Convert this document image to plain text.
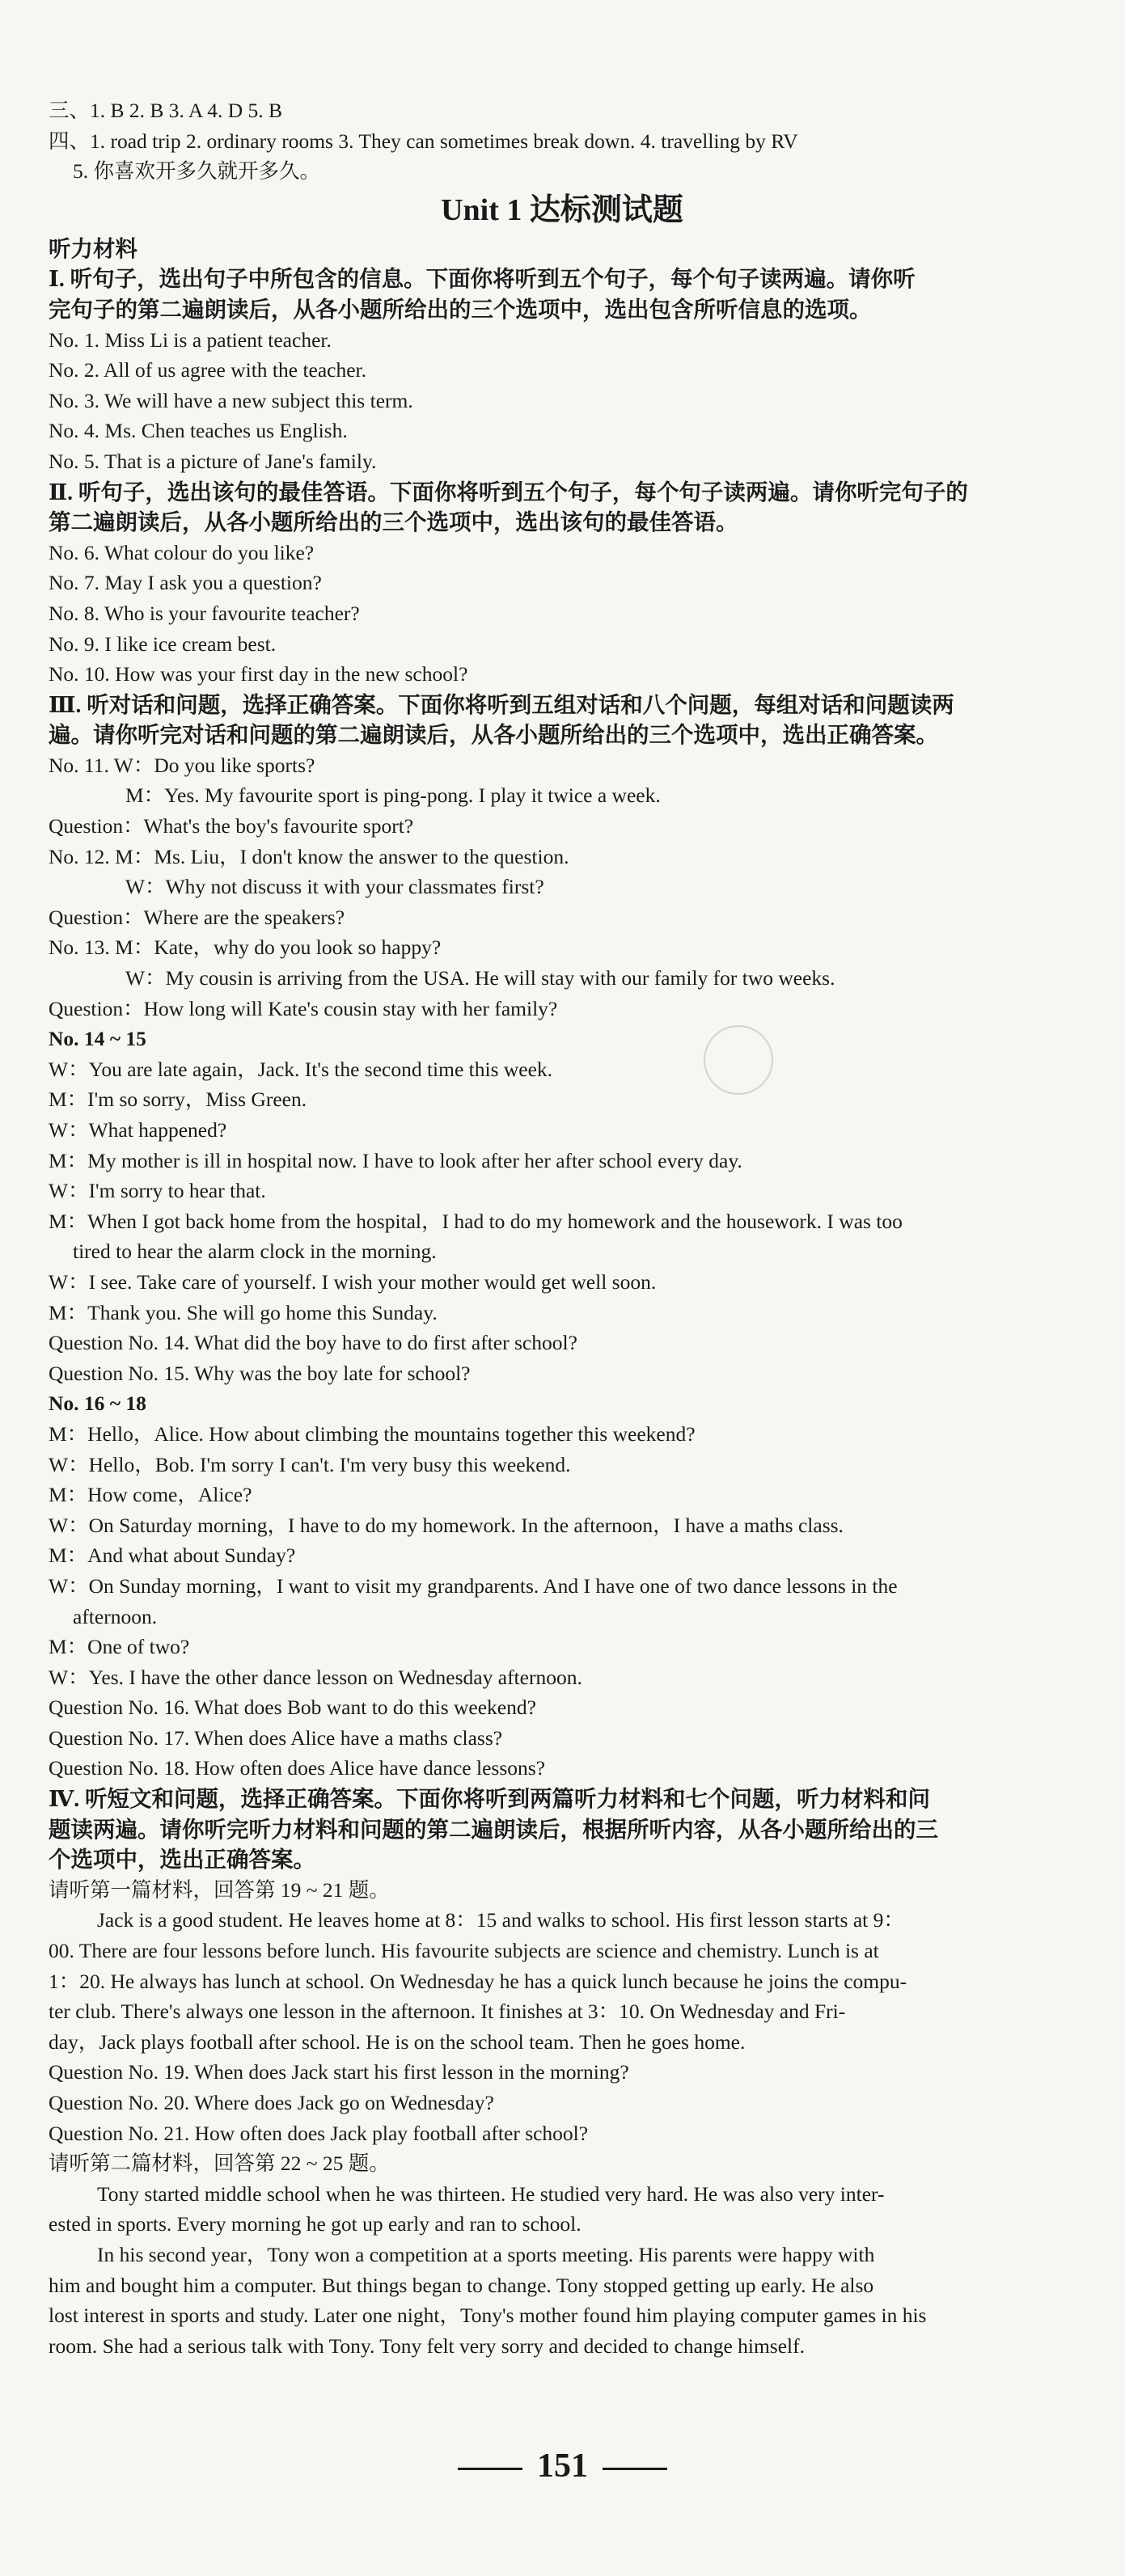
三、1. B 2. B 3. A 4. D 5. B
四、1. road trip 2. ordinary rooms 3. They can sometimes break down. 4. travelling by RV
5. 你喜欢开多久就开多久。
Unit 1 达标测试题
听力材料
Ⅰ. 听句子，选出句子中所包含的信息。下面你将听到五个句子，每个句子读两遍。请你听
完句子的第二遍朗读后，从各小题所给出的三个选项中，选出包含所听信息的选项。
No. 1. Miss Li is a patient teacher.
No. 2. All of us agree with the teacher.
No. 3. We will have a new subject this term.
No. 4. Ms. Chen teaches us English.
No. 5. That is a picture of Jane's family.
Ⅱ. 听句子，选出该句的最佳答语。下面你将听到五个句子，每个句子读两遍。请你听完句子的
第二遍朗读后，从各小题所给出的三个选项中，选出该句的最佳答语。
No. 6. What colour do you like?
No. 7. May I ask you a question?
No. 8. Who is your favourite teacher?
No. 9. I like ice cream best.
No. 10. How was your first day in the new school?
Ⅲ. 听对话和问题，选择正确答案。下面你将听到五组对话和八个问题，每组对话和问题读两
遍。请你听完对话和问题的第二遍朗读后，从各小题所给出的三个选项中，选出正确答案。
No. 11. W：Do you like sports?
M：Yes. My favourite sport is ping-pong. I play it twice a week.
Question：What's the boy's favourite sport?
No. 12. M：Ms. Liu，I don't know the answer to the question.
W：Why not discuss it with your classmates first?
Question：Where are the speakers?
No. 13. M：Kate，why do you look so happy?
W：My cousin is arriving from the USA. He will stay with our family for two weeks.
Question：How long will Kate's cousin stay with her family?
No. 14 ~ 15
W：You are late again，Jack. It's the second time this week.
M：I'm so sorry，Miss Green.
W：What happened?
M：My mother is ill in hospital now. I have to look after her after school every day.
W：I'm sorry to hear that.
M：When I got back home from the hospital，I had to do my homework and the housework. I was too
tired to hear the alarm clock in the morning.
W：I see. Take care of yourself. I wish your mother would get well soon.
M：Thank you. She will go home this Sunday.
Question No. 14. What did the boy have to do first after school?
Question No. 15. Why was the boy late for school?
No. 16 ~ 18
M：Hello，Alice. How about climbing the mountains together this weekend?
W：Hello，Bob. I'm sorry I can't. I'm very busy this weekend.
M：How come，Alice?
W：On Saturday morning，I have to do my homework. In the afternoon，I have a maths class.
M：And what about Sunday?
W：On Sunday morning，I want to visit my grandparents. And I have one of two dance lessons in the
afternoon.
M：One of two?
W：Yes. I have the other dance lesson on Wednesday afternoon.
Question No. 16. What does Bob want to do this weekend?
Question No. 17. When does Alice have a maths class?
Question No. 18. How often does Alice have dance lessons?
Ⅳ. 听短文和问题，选择正确答案。下面你将听到两篇听力材料和七个问题，听力材料和问
题读两遍。请你听完听力材料和问题的第二遍朗读后，根据所听内容，从各小题所给出的三
个选项中，选出正确答案。
请听第一篇材料，回答第 19 ~ 21 题。
Jack is a good student. He leaves home at 8：15 and walks to school. His first lesson starts at 9：
00. There are four lessons before lunch. His favourite subjects are science and chemistry. Lunch is at
1：20. He always has lunch at school. On Wednesday he has a quick lunch because he joins the compu-
ter club. There's always one lesson in the afternoon. It finishes at 3：10. On Wednesday and Fri-
day，Jack plays football after school. He is on the school team. Then he goes home.
Question No. 19. When does Jack start his first lesson in the morning?
Question No. 20. Where does Jack go on Wednesday?
Question No. 21. How often does Jack play football after school?
请听第二篇材料，回答第 22 ~ 25 题。
Tony started middle school when he was thirteen. He studied very hard. He was also very inter-
ested in sports. Every morning he got up early and ran to school.
In his second year，Tony won a competition at a sports meeting. His parents were happy with
him and bought him a computer. But things began to change. Tony stopped getting up early. He also
lost interest in sports and study. Later one night，Tony's mother found him playing computer games in his
room. She had a serious talk with Tony. Tony felt very sorry and decided to change himself.
151
